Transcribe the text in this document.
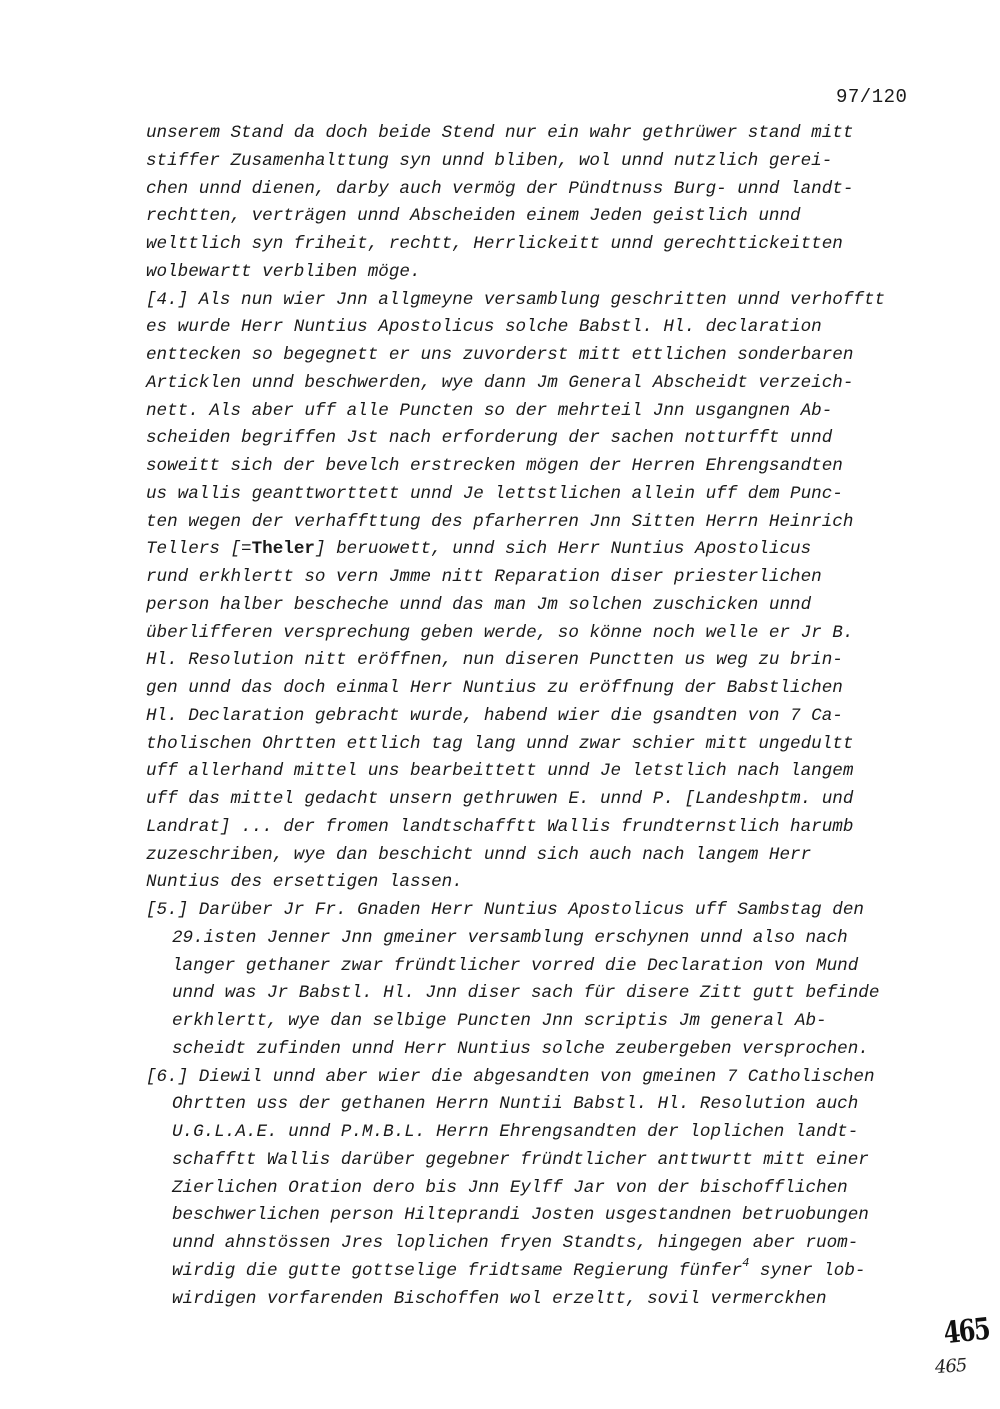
97/120
unserem Stand da doch beide Stend nur ein wahr gethrüwer stand mitt
stiffer Zusamenhalttung syn unnd bliben, wol unnd nutzlich gerei-
chen unnd dienen, darby auch vermög der Pündtnuss Burg- unnd landt-
rechtten, verträgen unnd Abscheiden einem Jeden geistlich unnd
welttlich syn friheit, rechtt, Herrlickeitt unnd gerechttickeitten
wolbewartt verbliben möge.
[4.] Als nun wier Jnn allgmeyne versamblung geschritten unnd verhofftt
es wurde Herr Nuntius Apostolicus solche Babstl. Hl. declaration
enttecken so begegnett er uns zuvorderst mitt ettlichen sonderbaren
Articklen unnd beschwerden, wye dann Jm General Abscheidt verzeich-
nett. Als aber uff alle Puncten so der mehrteil Jnn usgangnen Ab-
scheiden begriffen Jst nach erforderung der sachen notturfft unnd
soweitt sich der bevelch erstrecken mögen der Herren Ehrengsandten
us wallis geanttworttett unnd Je lettstlichen allein uff dem Punc-
ten wegen der verhaffttung des pfarherren Jnn Sitten Herrn Heinrich
Tellers [=Theler] beruowett, unnd sich Herr Nuntius Apostolicus
rund erkhlertt so vern Jmme nitt Reparation diser priesterlichen
person halber bescheche unnd das man Jm solchen zuschicken unnd
überlifferen versprechung geben werde, so könne noch welle er Jr B.
Hl. Resolution nitt eröffnen, nun diseren Punctten us weg zu brin-
gen unnd das doch einmal Herr Nuntius zu eröffnung der Babstlichen
Hl. Declaration gebracht wurde, habend wier die gsandten von 7 Ca-
tholischen Ohrtten ettlich tag lang unnd zwar schier mitt ungedultt
uff allerhand mittel uns bearbeittett unnd Je letstlich nach langem
uff das mittel gedacht unsern gethruwen E. unnd P. [Landeshptm. und
Landrat] ... der fromen landtschafftt Wallis frundternstlich harumb
zuzeschriben, wye dan beschicht unnd sich auch nach langem Herr
Nuntius des ersettigen lassen.
[5.] Darüber Jr Fr. Gnaden Herr Nuntius Apostolicus uff Sambstag den
29.isten Jenner Jnn gmeiner versamblung erschynen unnd also nach
langer gethaner zwar fründtlicher vorred die Declaration von Mund
unnd was Jr Babstl. Hl. Jnn diser sach für disere Zitt gutt befinde
erkhlertt, wye dan selbige Puncten Jnn scriptis Jm general Ab-
scheidt zufinden unnd Herr Nuntius solche zeubergeben versprochen.
[6.] Diewil unnd aber wier die abgesandten von gmeinen 7 Catholischen
Ohrtten uss der gethanen Herrn Nuntii Babstl. Hl. Resolution auch
U.G.L.A.E. unnd P.M.B.L. Herrn Ehrengsandten der loplichen landt-
schafftt Wallis darüber gegebner fründtlicher anttwurtt mitt einer
Zierlichen Oration dero bis Jnn Eylff Jar von der bischofflichen
beschwerlichen person Hilteprandi Josten usgestandnen betruobungen
unnd ahnstössen Jres loplichen fryen Standts, hingegen aber ruom-
wirdig die gutte gottselige fridtsame Regierung fünfer$^4$ syner lob-
wirdigen vorfarenden Bischoffen wol erzeltt, sovil vermerckhen
465
465
